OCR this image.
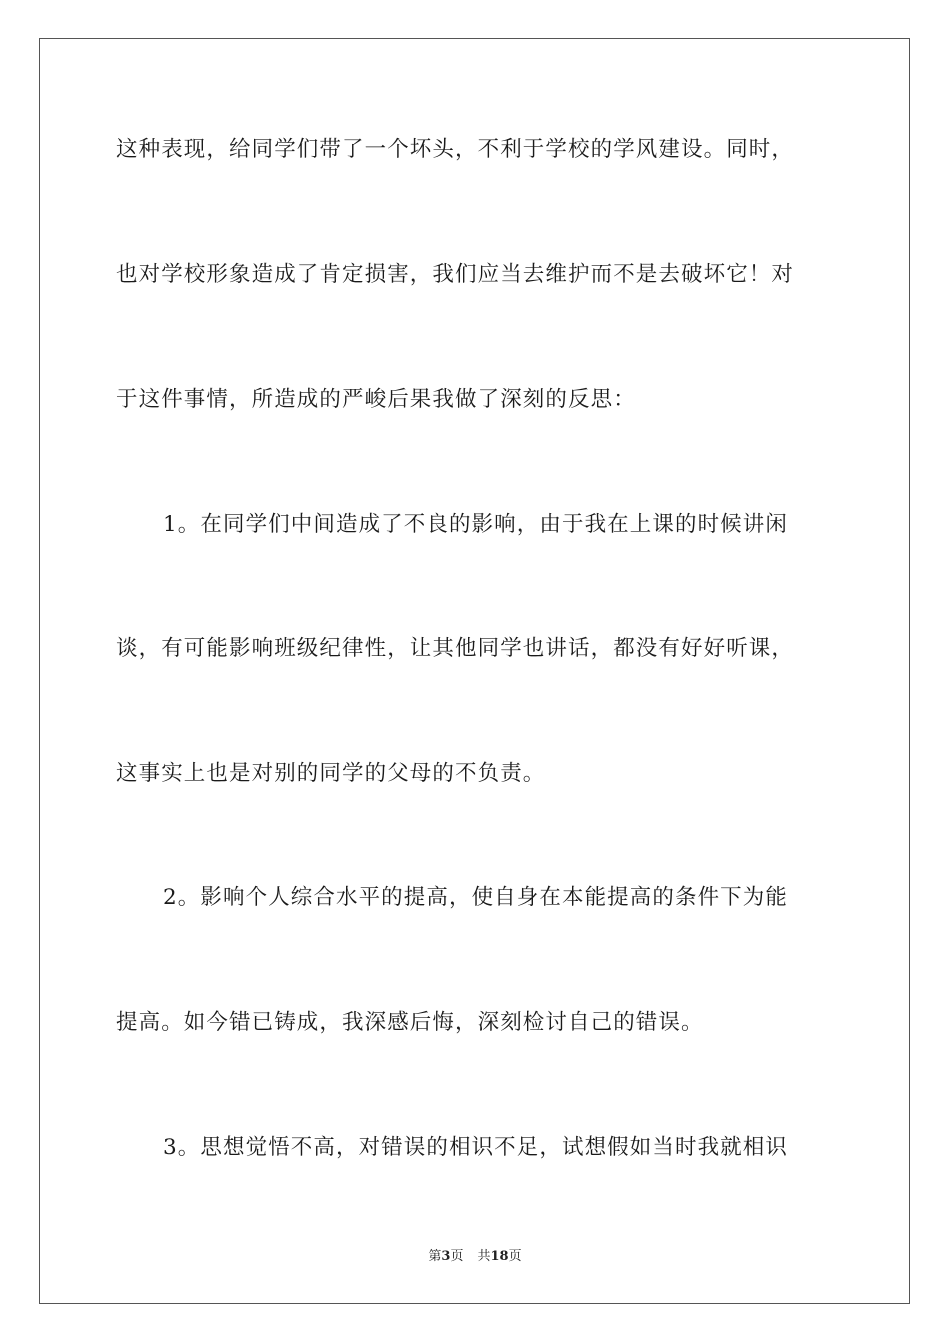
这种表现，给同学们带了一个坏头，不利于学校的学风建设。同时，
也对学校形象造成了肯定损害，我们应当去维护而不是去破坏它！对
于这件事情，所造成的严峻后果我做了深刻的反思：
1。在同学们中间造成了不良的影响，由于我在上课的时候讲闲
谈，有可能影响班级纪律性，让其他同学也讲话，都没有好好听课，
这事实上也是对别的同学的父母的不负责。
2。影响个人综合水平的提高，使自身在本能提高的条件下为能
提高。如今错已铸成，我深感后悔，深刻检讨自己的错误。
3。思想觉悟不高，对错误的相识不足，试想假如当时我就相识
第3页 共18页
